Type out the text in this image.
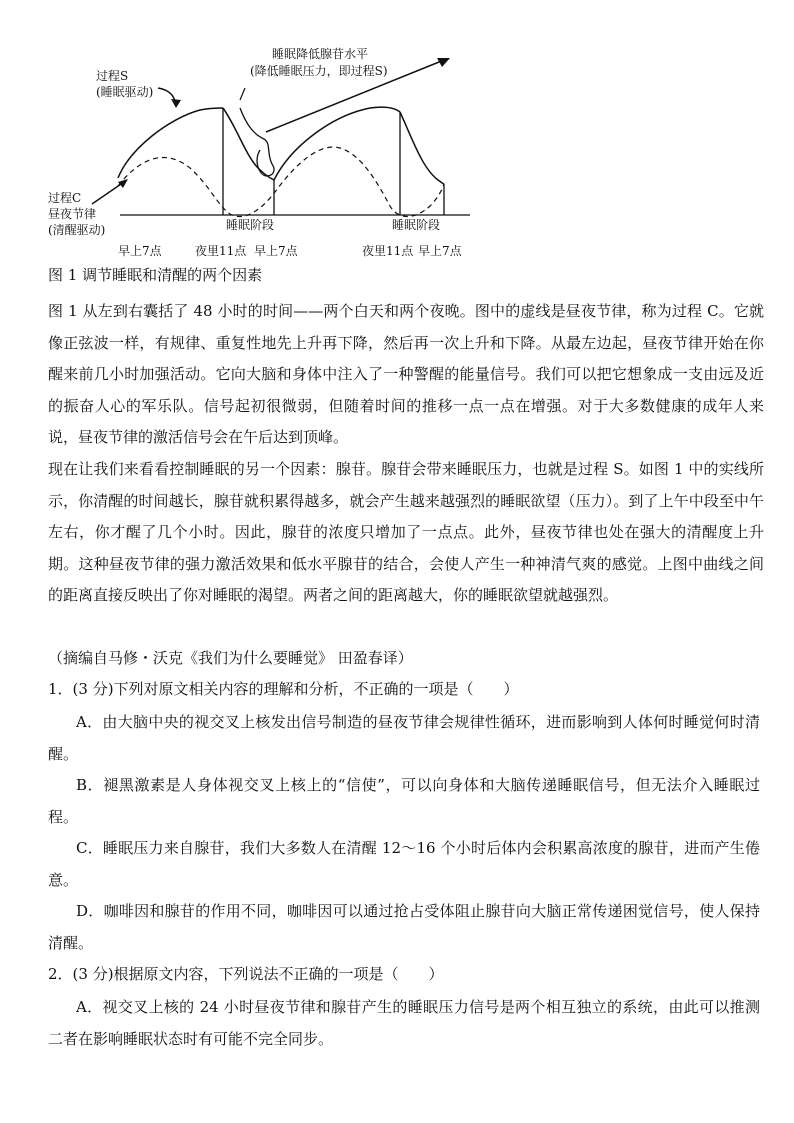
过程S
(睡眠驱动)
睡眠降低腺苷水平
(降低睡眠压力，即过程S)
过程C
昼夜节律
(清醒驱动)	睡眠阶段	睡眠阶段
早上7点	夜里11点 早上7点	夜里11点 早上7点
图 1 调节睡眠和清醒的两个因素
图 1 从左到右囊括了 48 小时的时间——两个白天和两个夜晚。图中的虚线是昼夜节律，称为过程 C。它就像正弦波一样，有规律、重复性地先上升再下降，然后再一次上升和下降。从最左边起，昼夜节律开始在你醒来前几小时加强活动。它向大脑和身体中注入了一种警醒的能量信号。我们可以把它想象成一支由远及近的振奋人心的军乐队。信号起初很微弱，但随着时间的推移一点一点在增强。对于大多数健康的成年人来说，昼夜节律的激活信号会在午后达到顶峰。
现在让我们来看看控制睡眠的另一个因素：腺苷。腺苷会带来睡眠压力，也就是过程 S。如图 1 中的实线所示，你清醒的时间越长，腺苷就积累得越多，就会产生越来越强烈的睡眠欲望（压力）。到了上午中段至中午左右，你才醒了几个小时。因此，腺苷的浓度只增加了一点点。此外，昼夜节律也处在强大的清醒度上升期。这种昼夜节律的强力激活效果和低水平腺苷的结合，会使人产生一种神清气爽的感觉。上图中曲线之间的距离直接反映出了你对睡眠的渴望。两者之间的距离越大，你的睡眠欲望就越强烈。
（摘编自马修・沃克《我们为什么要睡觉》 田盈春译）
1．(3 分)下列对原文相关内容的理解和分析，不正确的一项是（　　）
A．由大脑中央的视交叉上核发出信号制造的昼夜节律会规律性循环，进而影响到人体何时睡觉何时清醒。
B．褪黑激素是人身体视交叉上核上的“信使”，可以向身体和大脑传递睡眠信号，但无法介入睡眠过程。
C．睡眠压力来自腺苷，我们大多数人在清醒 12～16 个小时后体内会积累高浓度的腺苷，进而产生倦意。
D．咖啡因和腺苷的作用不同，咖啡因可以通过抢占受体阻止腺苷向大脑正常传递困觉信号，使人保持清醒。
2．(3 分)根据原文内容，下列说法不正确的一项是（　　）
A．视交叉上核的 24 小时昼夜节律和腺苷产生的睡眠压力信号是两个相互独立的系统，由此可以推测二者在影响睡眠状态时有可能不完全同步。
